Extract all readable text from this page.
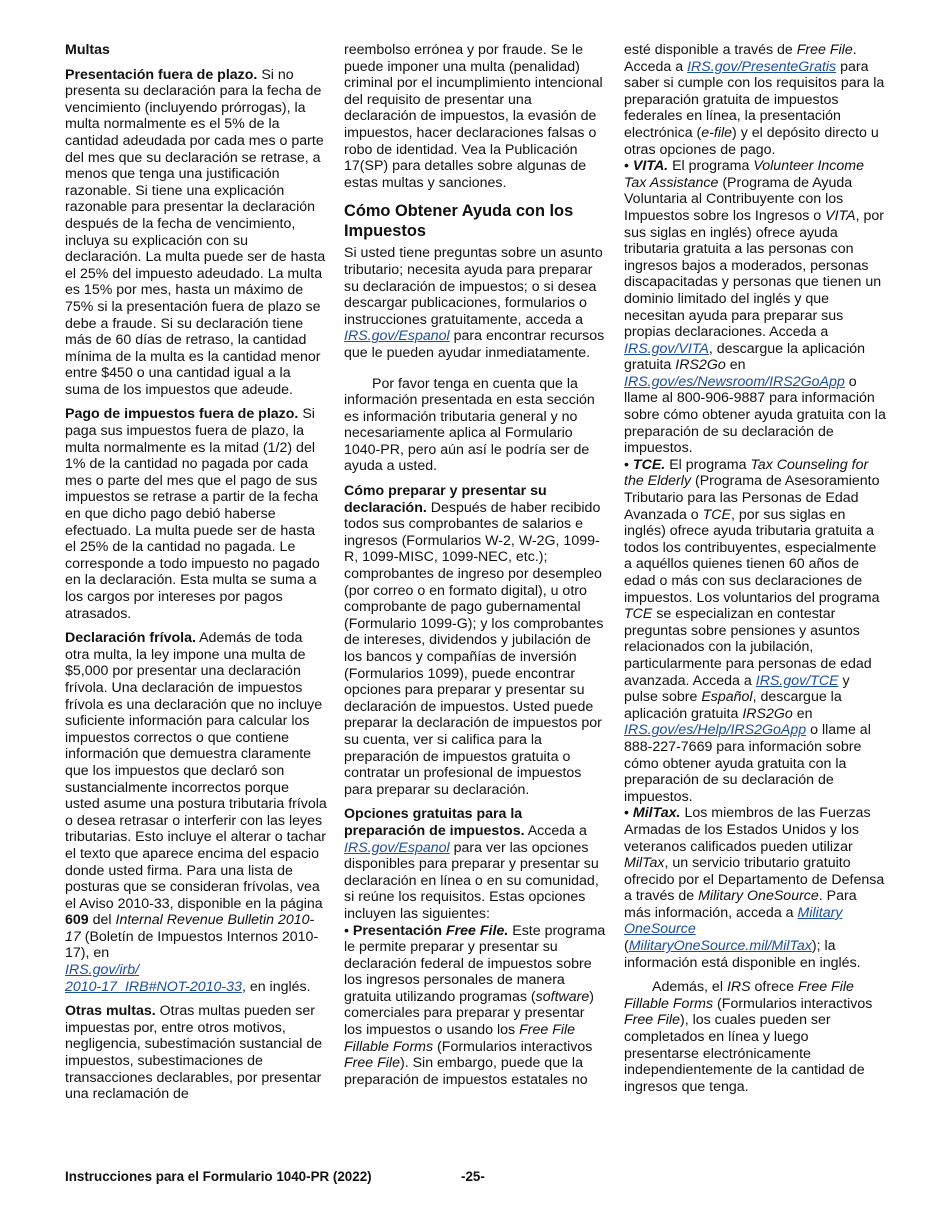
Multas

Presentación fuera de plazo. Si no presenta su declaración para la fecha de vencimiento (incluyendo prórrogas), la multa normalmente es el 5% de la cantidad adeudada por cada mes o parte del mes que su declaración se retrase, a menos que tenga una justificación razonable. Si tiene una explicación razonable para presentar la declaración después de la fecha de vencimiento, incluya su explicación con su declaración. La multa puede ser de hasta el 25% del impuesto adeudado. La multa es 15% por mes, hasta un máximo de 75% si la presentación fuera de plazo se debe a fraude. Si su declaración tiene más de 60 días de retraso, la cantidad mínima de la multa es la cantidad menor entre $450 o una cantidad igual a la suma de los impuestos que adeude.

Pago de impuestos fuera de plazo. Si paga sus impuestos fuera de plazo, la multa normalmente es la mitad (1/2) del 1% de la cantidad no pagada por cada mes o parte del mes que el pago de sus impuestos se retrase a partir de la fecha en que dicho pago debió haberse efectuado. La multa puede ser de hasta el 25% de la cantidad no pagada. Le corresponde a todo impuesto no pagado en la declaración. Esta multa se suma a los cargos por intereses por pagos atrasados.

Declaración frívola. Además de toda otra multa, la ley impone una multa de $5,000 por presentar una declaración frívola. Una declaración de impuestos frívola es una declaración que no incluye suficiente información para calcular los impuestos correctos o que contiene información que demuestra claramente que los impuestos que declaró son sustancialmente incorrectos porque usted asume una postura tributaria frívola o desea retrasar o interferir con las leyes tributarias. Esto incluye el alterar o tachar el texto que aparece encima del espacio donde usted firma. Para una lista de posturas que se consideran frívolas, vea el Aviso 2010-33, disponible en la página 609 del Internal Revenue Bulletin 2010-17 (Boletín de Impuestos Internos 2010-17), en
IRS.gov/irb/
2010-17_IRB#NOT-2010-33, en inglés.

Otras multas. Otras multas pueden ser impuestas por, entre otros motivos, negligencia, subestimación sustancial de impuestos, subestimaciones de transacciones declarables, por presentar una reclamación de

reembolso errónea y por fraude. Se le puede imponer una multa (penalidad) criminal por el incumplimiento intencional del requisito de presentar una declaración de impuestos, la evasión de impuestos, hacer declaraciones falsas o robo de identidad. Vea la Publicación 17(SP) para detalles sobre algunas de estas multas y sanciones.

Cómo Obtener Ayuda con los Impuestos

Si usted tiene preguntas sobre un asunto tributario; necesita ayuda para preparar su declaración de impuestos; o si desea descargar publicaciones, formularios o instrucciones gratuitamente, acceda a IRS.gov/Espanol para encontrar recursos que le pueden ayudar inmediatamente.

Por favor tenga en cuenta que la información presentada en esta sección es información tributaria general y no necesariamente aplica al Formulario 1040-PR, pero aún así le podría ser de ayuda a usted.

Cómo preparar y presentar su declaración. Después de haber recibido todos sus comprobantes de salarios e ingresos (Formularios W-2, W-2G, 1099-R, 1099-MISC, 1099-NEC, etc.); comprobantes de ingreso por desempleo (por correo o en formato digital), u otro comprobante de pago gubernamental (Formulario 1099-G); y los comprobantes de intereses, dividendos y jubilación de los bancos y compañías de inversión (Formularios 1099), puede encontrar opciones para preparar y presentar su declaración de impuestos. Usted puede preparar la declaración de impuestos por su cuenta, ver si califica para la preparación de impuestos gratuita o contratar un profesional de impuestos para preparar su declaración.

Opciones gratuitas para la preparación de impuestos. Acceda a IRS.gov/Espanol para ver las opciones disponibles para preparar y presentar su declaración en línea o en su comunidad, si reúne los requisitos. Estas opciones incluyen las siguientes:

• Presentación Free File. Este programa le permite preparar y presentar su declaración federal de impuestos sobre los ingresos personales de manera gratuita utilizando programas (software) comerciales para preparar y presentar los impuestos o usando los Free File Fillable Forms (Formularios interactivos Free File). Sin embargo, puede que la preparación de impuestos estatales no

esté disponible a través de Free File. Acceda a IRS.gov/PresenteGratis para saber si cumple con los requisitos para la preparación gratuita de impuestos federales en línea, la presentación electrónica (e-file) y el depósito directo u otras opciones de pago.

• VITA. El programa Volunteer Income Tax Assistance (Programa de Ayuda Voluntaria al Contribuyente con los Impuestos sobre los Ingresos o VITA, por sus siglas en inglés) ofrece ayuda tributaria gratuita a las personas con ingresos bajos a moderados, personas discapacitadas y personas que tienen un dominio limitado del inglés y que necesitan ayuda para preparar sus propias declaraciones. Acceda a IRS.gov/VITA, descargue la aplicación gratuita IRS2Go en IRS.gov/es/Newsroom/IRS2GoApp o llame al 800-906-9887 para información sobre cómo obtener ayuda gratuita con la preparación de su declaración de impuestos.

• TCE. El programa Tax Counseling for the Elderly (Programa de Asesoramiento Tributario para las Personas de Edad Avanzada o TCE, por sus siglas en inglés) ofrece ayuda tributaria gratuita a todos los contribuyentes, especialmente a aquéllos quienes tienen 60 años de edad o más con sus declaraciones de impuestos. Los voluntarios del programa TCE se especializan en contestar preguntas sobre pensiones y asuntos relacionados con la jubilación, particularmente para personas de edad avanzada. Acceda a IRS.gov/TCE y pulse sobre Español, descargue la aplicación gratuita IRS2Go en IRS.gov/es/Help/IRS2GoApp o llame al 888-227-7669 para información sobre cómo obtener ayuda gratuita con la preparación de su declaración de impuestos.

• MilTax. Los miembros de las Fuerzas Armadas de los Estados Unidos y los veteranos calificados pueden utilizar MilTax, un servicio tributario gratuito ofrecido por el Departamento de Defensa a través de Military OneSource. Para más información, acceda a Military OneSource (MilitaryOneSource.mil/MilTax); la información está disponible en inglés.

Además, el IRS ofrece Free File Fillable Forms (Formularios interactivos Free File), los cuales pueden ser completados en línea y luego presentarse electrónicamente independientemente de la cantidad de ingresos que tenga.

Instrucciones para el Formulario 1040-PR (2022)	-25-
